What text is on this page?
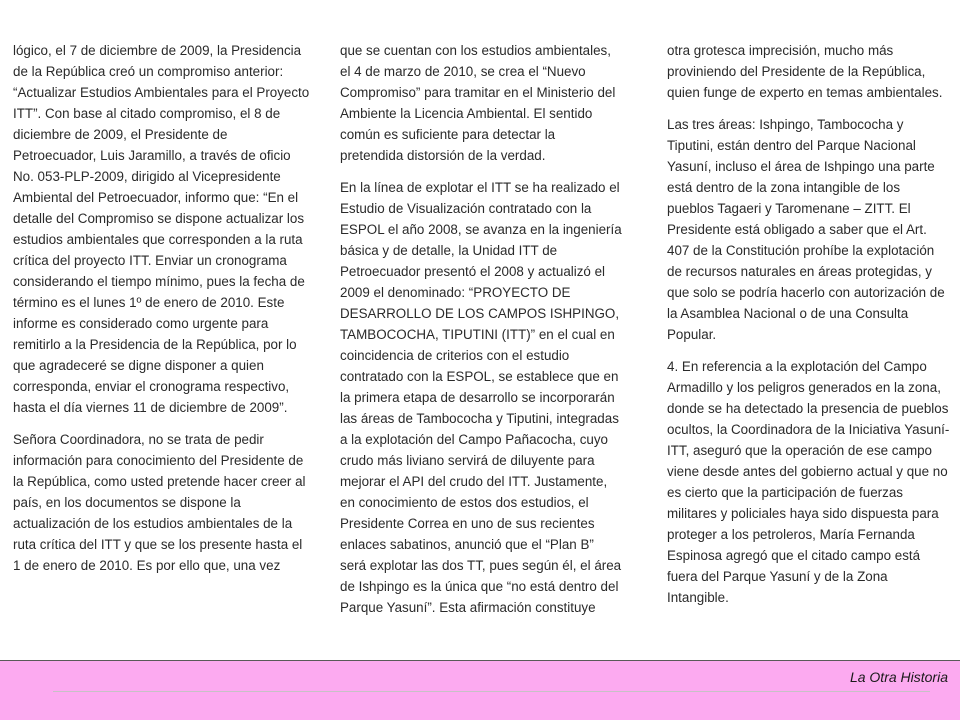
lógico, el 7 de diciembre de 2009, la Presidencia de la República creó un compromiso anterior: “Actualizar Estudios Ambientales para el Proyecto ITT”. Con base al citado compromiso, el 8 de diciembre de 2009, el Presidente de Petroecuador, Luis Jaramillo, a través de oficio No. 053-PLP-2009, dirigido al Vicepresidente Ambiental del Petroecuador, informo que: “En el detalle del Compromiso se dispone actualizar los estudios ambientales que corresponden a la ruta crítica del proyecto ITT. Enviar un cronograma considerando el tiempo mínimo, pues la fecha de término es el lunes 1º de enero de 2010. Este informe es considerado como urgente para remitirlo a la Presidencia de la República, por lo que agradeceré se digne disponer a quien corresponda, enviar el cronograma respectivo, hasta el día viernes 11 de diciembre de 2009”.

Señora Coordinadora, no se trata de pedir información para conocimiento del Presidente de la República, como usted pretende hacer creer al país, en los documentos se dispone la actualización de los estudios ambientales de la ruta crítica del ITT y que se los presente hasta el 1 de enero de 2010. Es por ello que, una vez

que se cuentan con los estudios ambientales, el 4 de marzo de 2010, se crea el “Nuevo Compromiso” para tramitar en el Ministerio del Ambiente la Licencia Ambiental. El sentido común es suficiente para detectar la pretendida distorsión de la verdad.

En la línea de explotar el ITT se ha realizado el Estudio de Visualización contratado con la ESPOL el año 2008, se avanza en la ingeniería básica y de detalle, la Unidad ITT de Petroecuador presentó el 2008 y actualizó el 2009 el denominado: “PROYECTO DE DESARROLLO DE LOS CAMPOS ISHPINGO, TAMBOCOCHA, TIPUTINI (ITT)” en el cual en coincidencia de criterios con el estudio contratado con la ESPOL, se establece que en la primera etapa de desarrollo se incorporarán las áreas de Tambococha y Tiputini, integradas a la explotación del Campo Pañacocha, cuyo crudo más liviano servirá de diluyente para mejorar el API del crudo del ITT. Justamente, en conocimiento de estos dos estudios, el Presidente Correa en uno de sus recientes enlaces sabatinos, anunció que el “Plan B” será explotar las dos TT, pues según él, el área de Ishpingo es la única que “no está dentro del Parque Yasuní”. Esta afirmación constituye

otra grotesca imprecisión, mucho más proviniendo del Presidente de la República, quien funge de experto en temas ambientales.

Las tres áreas: Ishpingo, Tambocochа y Tiputini, están dentro del Parque Nacional Yasuní, incluso el área de Ishpingo una parte está dentro de la zona intangible de los pueblos Tagaeri y Taromenane – ZITT. El Presidente está obligado a saber que el Art. 407 de la Constitución prohíbe la explotación de recursos naturales en áreas protegidas, y que solo se podría hacerlo con autorización de la Asamblea Nacional o de una Consulta Popular.

4. En referencia a la explotación del Campo Armadillo y los peligros generados en la zona, donde se ha detectado la presencia de pueblos ocultos, la Coordinadora de la Iniciativa Yasuní-ITT, aseguró que la operación de ese campo viene desde antes del gobierno actual y que no es cierto que la participación de fuerzas militares y policiales haya sido dispuesta para proteger a los petroleros, María Fernanda Espinosa agregó que el citado campo está fuera del Parque Yasuní y de la Zona Intangible.

La Otra Historia
